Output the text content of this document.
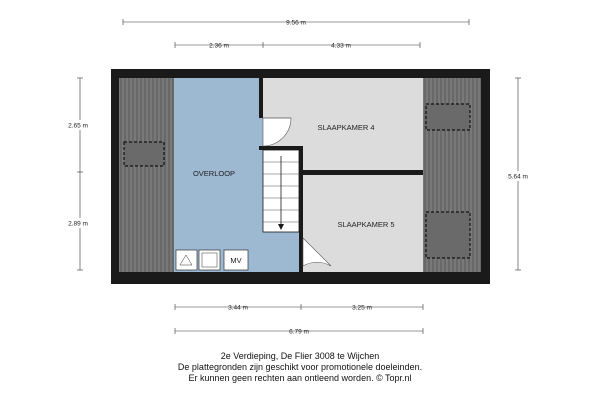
9.56 m
2.36 m	4.33 m
2.65 m
2.89 m
5.64 m
MV
OVERLOOP
SLAAPKAMER 4
SLAAPKAMER 5
3.44 m	3.25 m
6.79 m
2e Verdieping, De Flier 3008 te Wijchen
De plattegronden zijn geschikt voor promotionele doeleinden.
Er kunnen geen rechten aan ontleend worden. © Topr.nl
